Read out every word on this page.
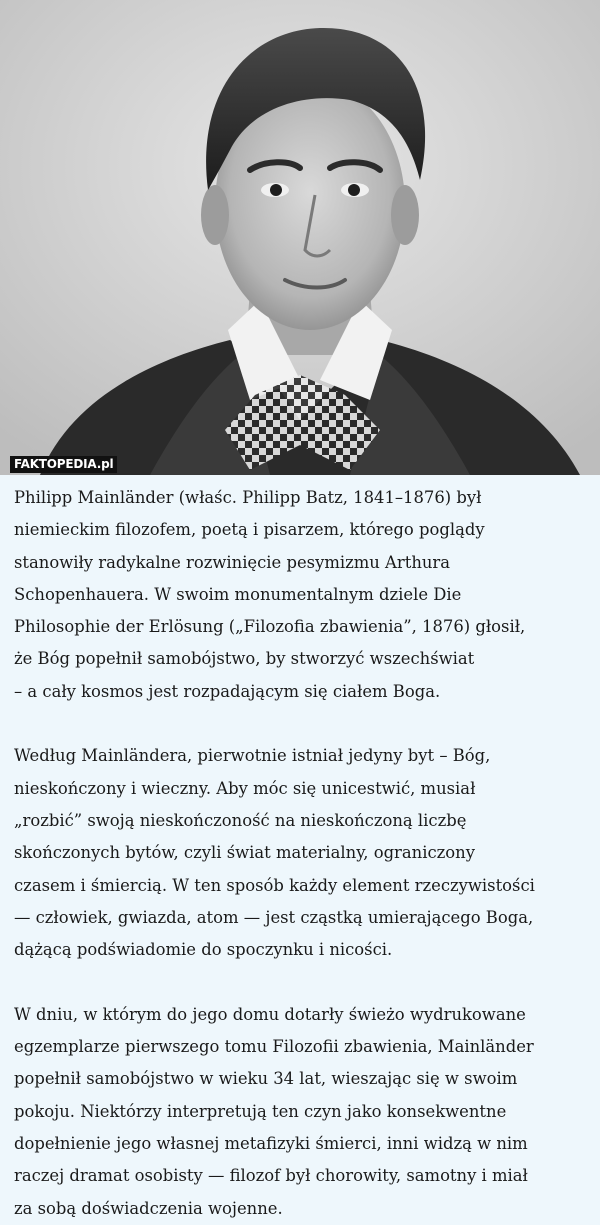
FAKTOPEDIA.pl

Philipp Mainländer (właśc. Philipp Batz, 1841–1876) był
niemieckim filozofem, poetą i pisarzem, którego poglądy
stanowiły radykalne rozwinięcie pesymizmu Arthura
Schopenhauera. W swoim monumentalnym dziele Die
Philosophie der Erlösung („Filozofia zbawienia”, 1876) głosił,
że Bóg popełnił samobójstwo, by stworzyć wszechświat
– a cały kosmos jest rozpadającym się ciałem Boga.

Według Mainländera, pierwotnie istniał jedyny byt – Bóg,
nieskończony i wieczny. Aby móc się unicestwić, musiał
„rozbić” swoją nieskończoność na nieskończoną liczbę
skończonych bytów, czyli świat materialny, ograniczony
czasem i śmiercią. W ten sposób każdy element rzeczywistości
— człowiek, gwiazda, atom — jest cząstką umierającego Boga,
dążącą podświadomie do spoczynku i nicości.

W dniu, w którym do jego domu dotarły świeżo wydrukowane
egzemplarze pierwszego tomu Filozofii zbawienia, Mainländer
popełnił samobójstwo w wieku 34 lat, wieszając się w swoim
pokoju. Niektórzy interpretują ten czyn jako konsekwentne
dopełnienie jego własnej metafizyki śmierci, inni widzą w nim
raczej dramat osobisty — filozof był chorowity, samotny i miał
za sobą doświadczenia wojenne.
